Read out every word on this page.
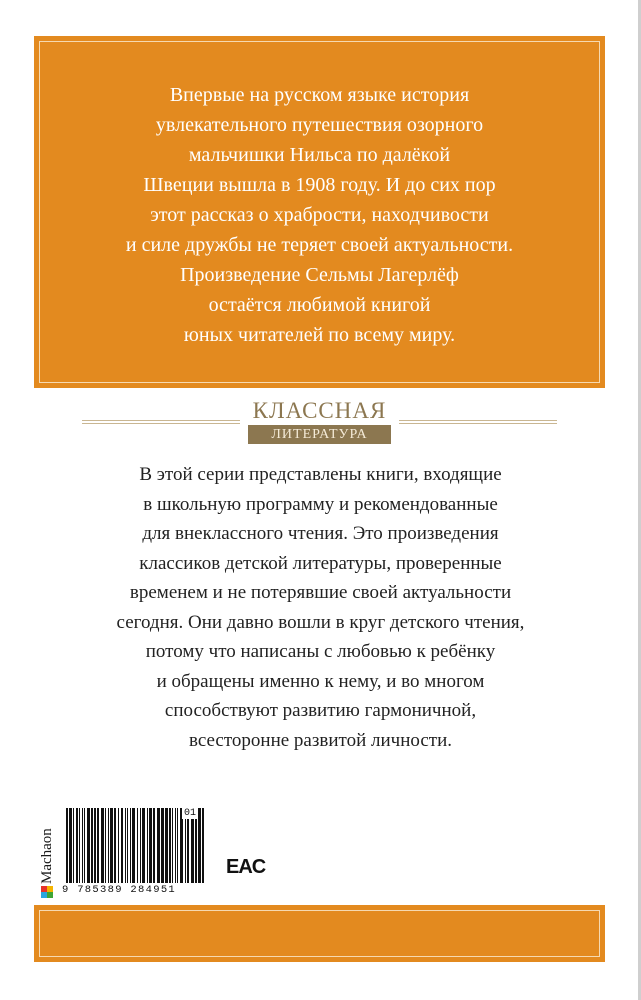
Впервые на русском языке история
увлекательного путешествия озорного
мальчишки Нильса по далёкой
Швеции вышла в 1908 году. И до сих пор
этот рассказ о храбрости, находчивости
и силе дружбы не теряет своей актуальности.
Произведение Сельмы Лагерлёф
остаётся любимой книгой
юных читателей по всему миру.

КЛАССНАЯ
ЛИТЕРАТУРА

В этой серии представлены книги, входящие
в школьную программу и рекомендованные
для внеклассного чтения. Это произведения
классиков детской литературы, проверенные
временем и не потерявшие своей актуальности
сегодня. Они давно вошли в круг детского чтения,
потому что написаны с любовью к ребёнку
и обращены именно к нему, и во многом
способствуют развитию гармоничной,
всесторонне развитой личности.

Machaon
01
9 785389 284951
EAC
